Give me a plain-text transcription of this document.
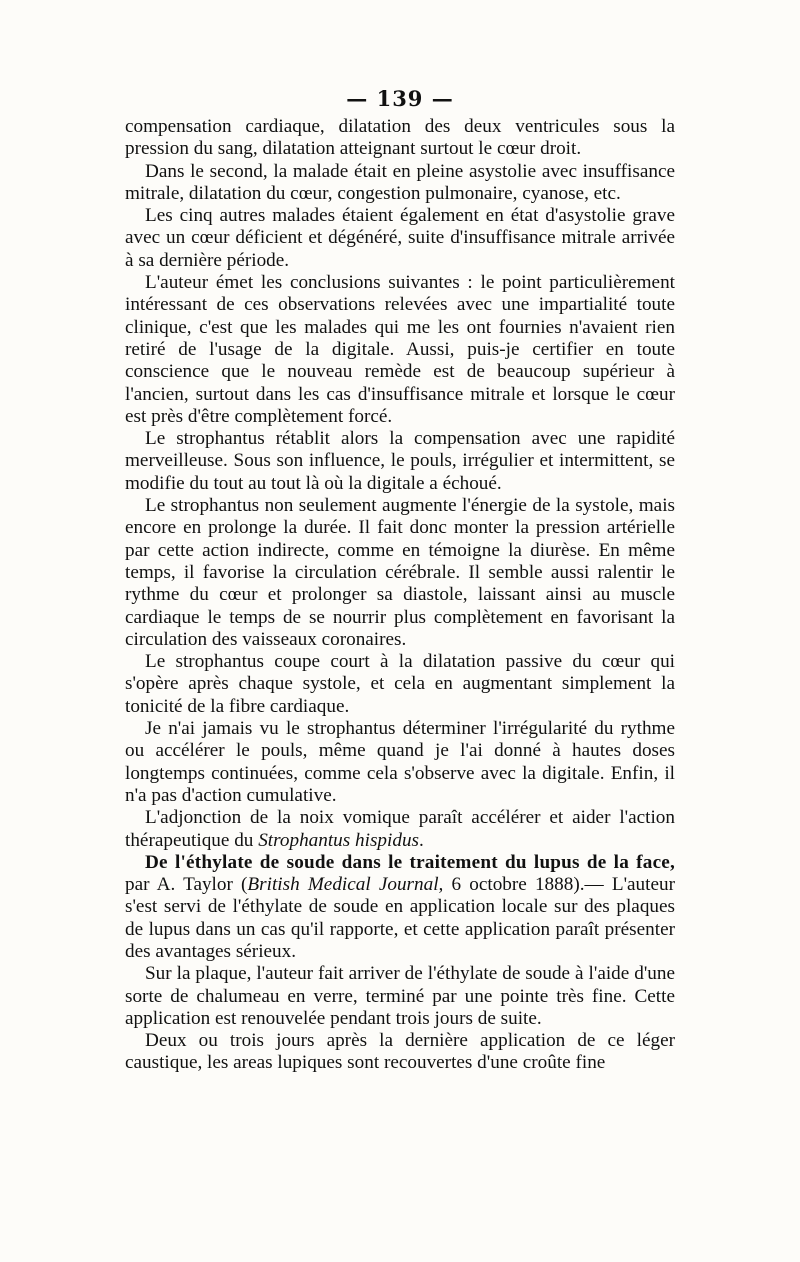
— 139 —

compensation cardiaque, dilatation des deux ventricules sous la pression du sang, dilatation atteignant surtout le cœur droit.

Dans le second, la malade était en pleine asystolie avec insuffisance mitrale, dilatation du cœur, congestion pulmonaire, cyanose, etc.

Les cinq autres malades étaient également en état d'asystolie grave avec un cœur déficient et dégénéré, suite d'insuffisance mitrale arrivée à sa dernière période.

L'auteur émet les conclusions suivantes : le point particulièrement intéressant de ces observations relevées avec une impartialité toute clinique, c'est que les malades qui me les ont fournies n'avaient rien retiré de l'usage de la digitale. Aussi, puis-je certifier en toute conscience que le nouveau remède est de beaucoup supérieur à l'ancien, surtout dans les cas d'insuffisance mitrale et lorsque le cœur est près d'être complètement forcé.

Le strophantus rétablit alors la compensation avec une rapidité merveilleuse. Sous son influence, le pouls, irrégulier et intermittent, se modifie du tout au tout là où la digitale a échoué.

Le strophantus non seulement augmente l'énergie de la systole, mais encore en prolonge la durée. Il fait donc monter la pression artérielle par cette action indirecte, comme en témoigne la diurèse. En même temps, il favorise la circulation cérébrale. Il semble aussi ralentir le rythme du cœur et prolonger sa diastole, laissant ainsi au muscle cardiaque le temps de se nourrir plus complètement en favorisant la circulation des vaisseaux coronaires.

Le strophantus coupe court à la dilatation passive du cœur qui s'opère après chaque systole, et cela en augmentant simplement la tonicité de la fibre cardiaque.

Je n'ai jamais vu le strophantus déterminer l'irrégularité du rythme ou accélérer le pouls, même quand je l'ai donné à hautes doses longtemps continuées, comme cela s'observe avec la digitale. Enfin, il n'a pas d'action cumulative.

L'adjonction de la noix vomique paraît accélérer et aider l'action thérapeutique du Strophantus hispidus.

De l'éthylate de soude dans le traitement du lupus de la face, par A. Taylor (British Medical Journal, 6 octobre 1888).— L'auteur s'est servi de l'éthylate de soude en application locale sur des plaques de lupus dans un cas qu'il rapporte, et cette application paraît présenter des avantages sérieux.

Sur la plaque, l'auteur fait arriver de l'éthylate de soude à l'aide d'une sorte de chalumeau en verre, terminé par une pointe très fine. Cette application est renouvelée pendant trois jours de suite.

Deux ou trois jours après la dernière application de ce léger caustique, les areas lupiques sont recouvertes d'une croûte fine
